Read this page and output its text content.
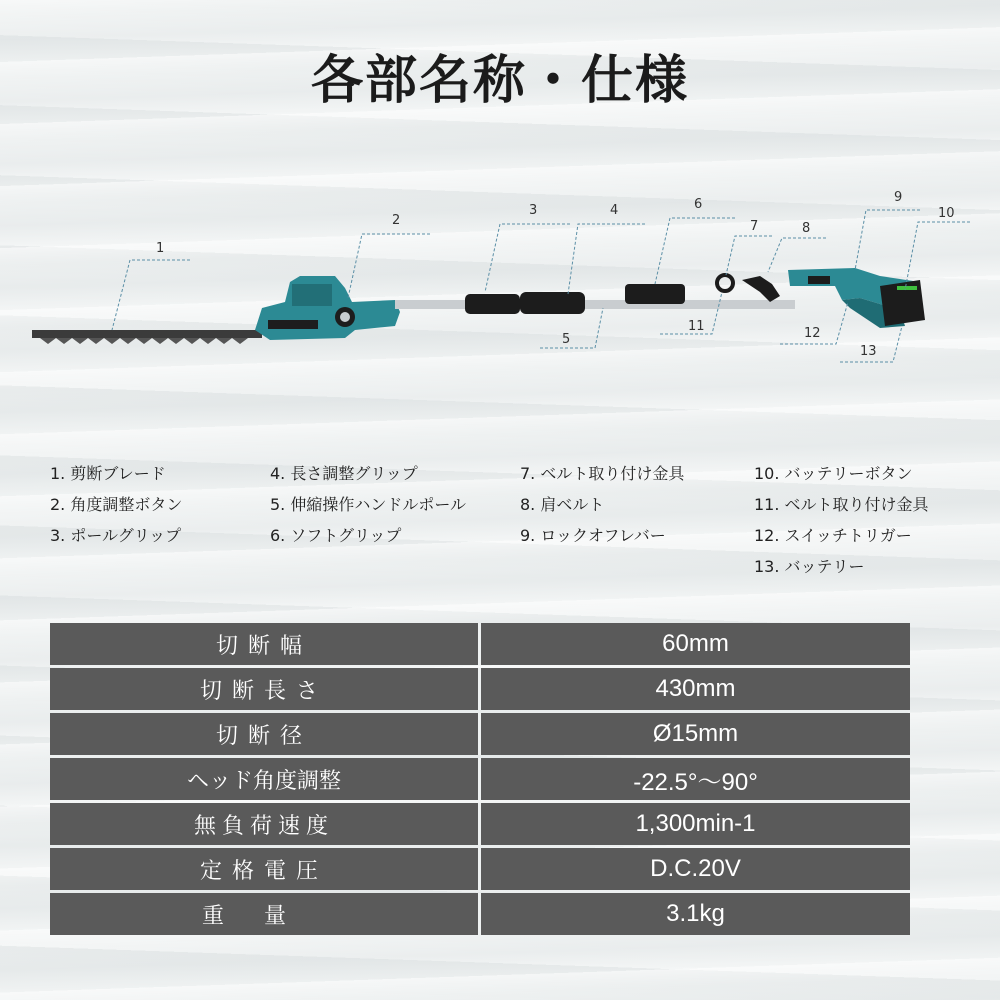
各部名称・仕様
1
2
3	4
5
6
7	8
9
10
11	12
13
1. 剪断ブレード
2. 角度調整ボタン
3. ポールグリップ
4. 長さ調整グリップ
5. 伸縮操作ハンドルポール
6. ソフトグリップ
7. ベルト取り付け金具
8. 肩ベルト
9. ロックオフレバー
10. バッテリーボタン
11. ベルト取り付け金具
12. スイッチトリガー
13. バッテリー
切断幅	60mm
切断長さ	430mm
切断径	Ø15mm
ヘッド角度調整	-22.5°〜90°
無負荷速度	1,300min-1
定格電圧	D.C.20V
重量	3.1kg
